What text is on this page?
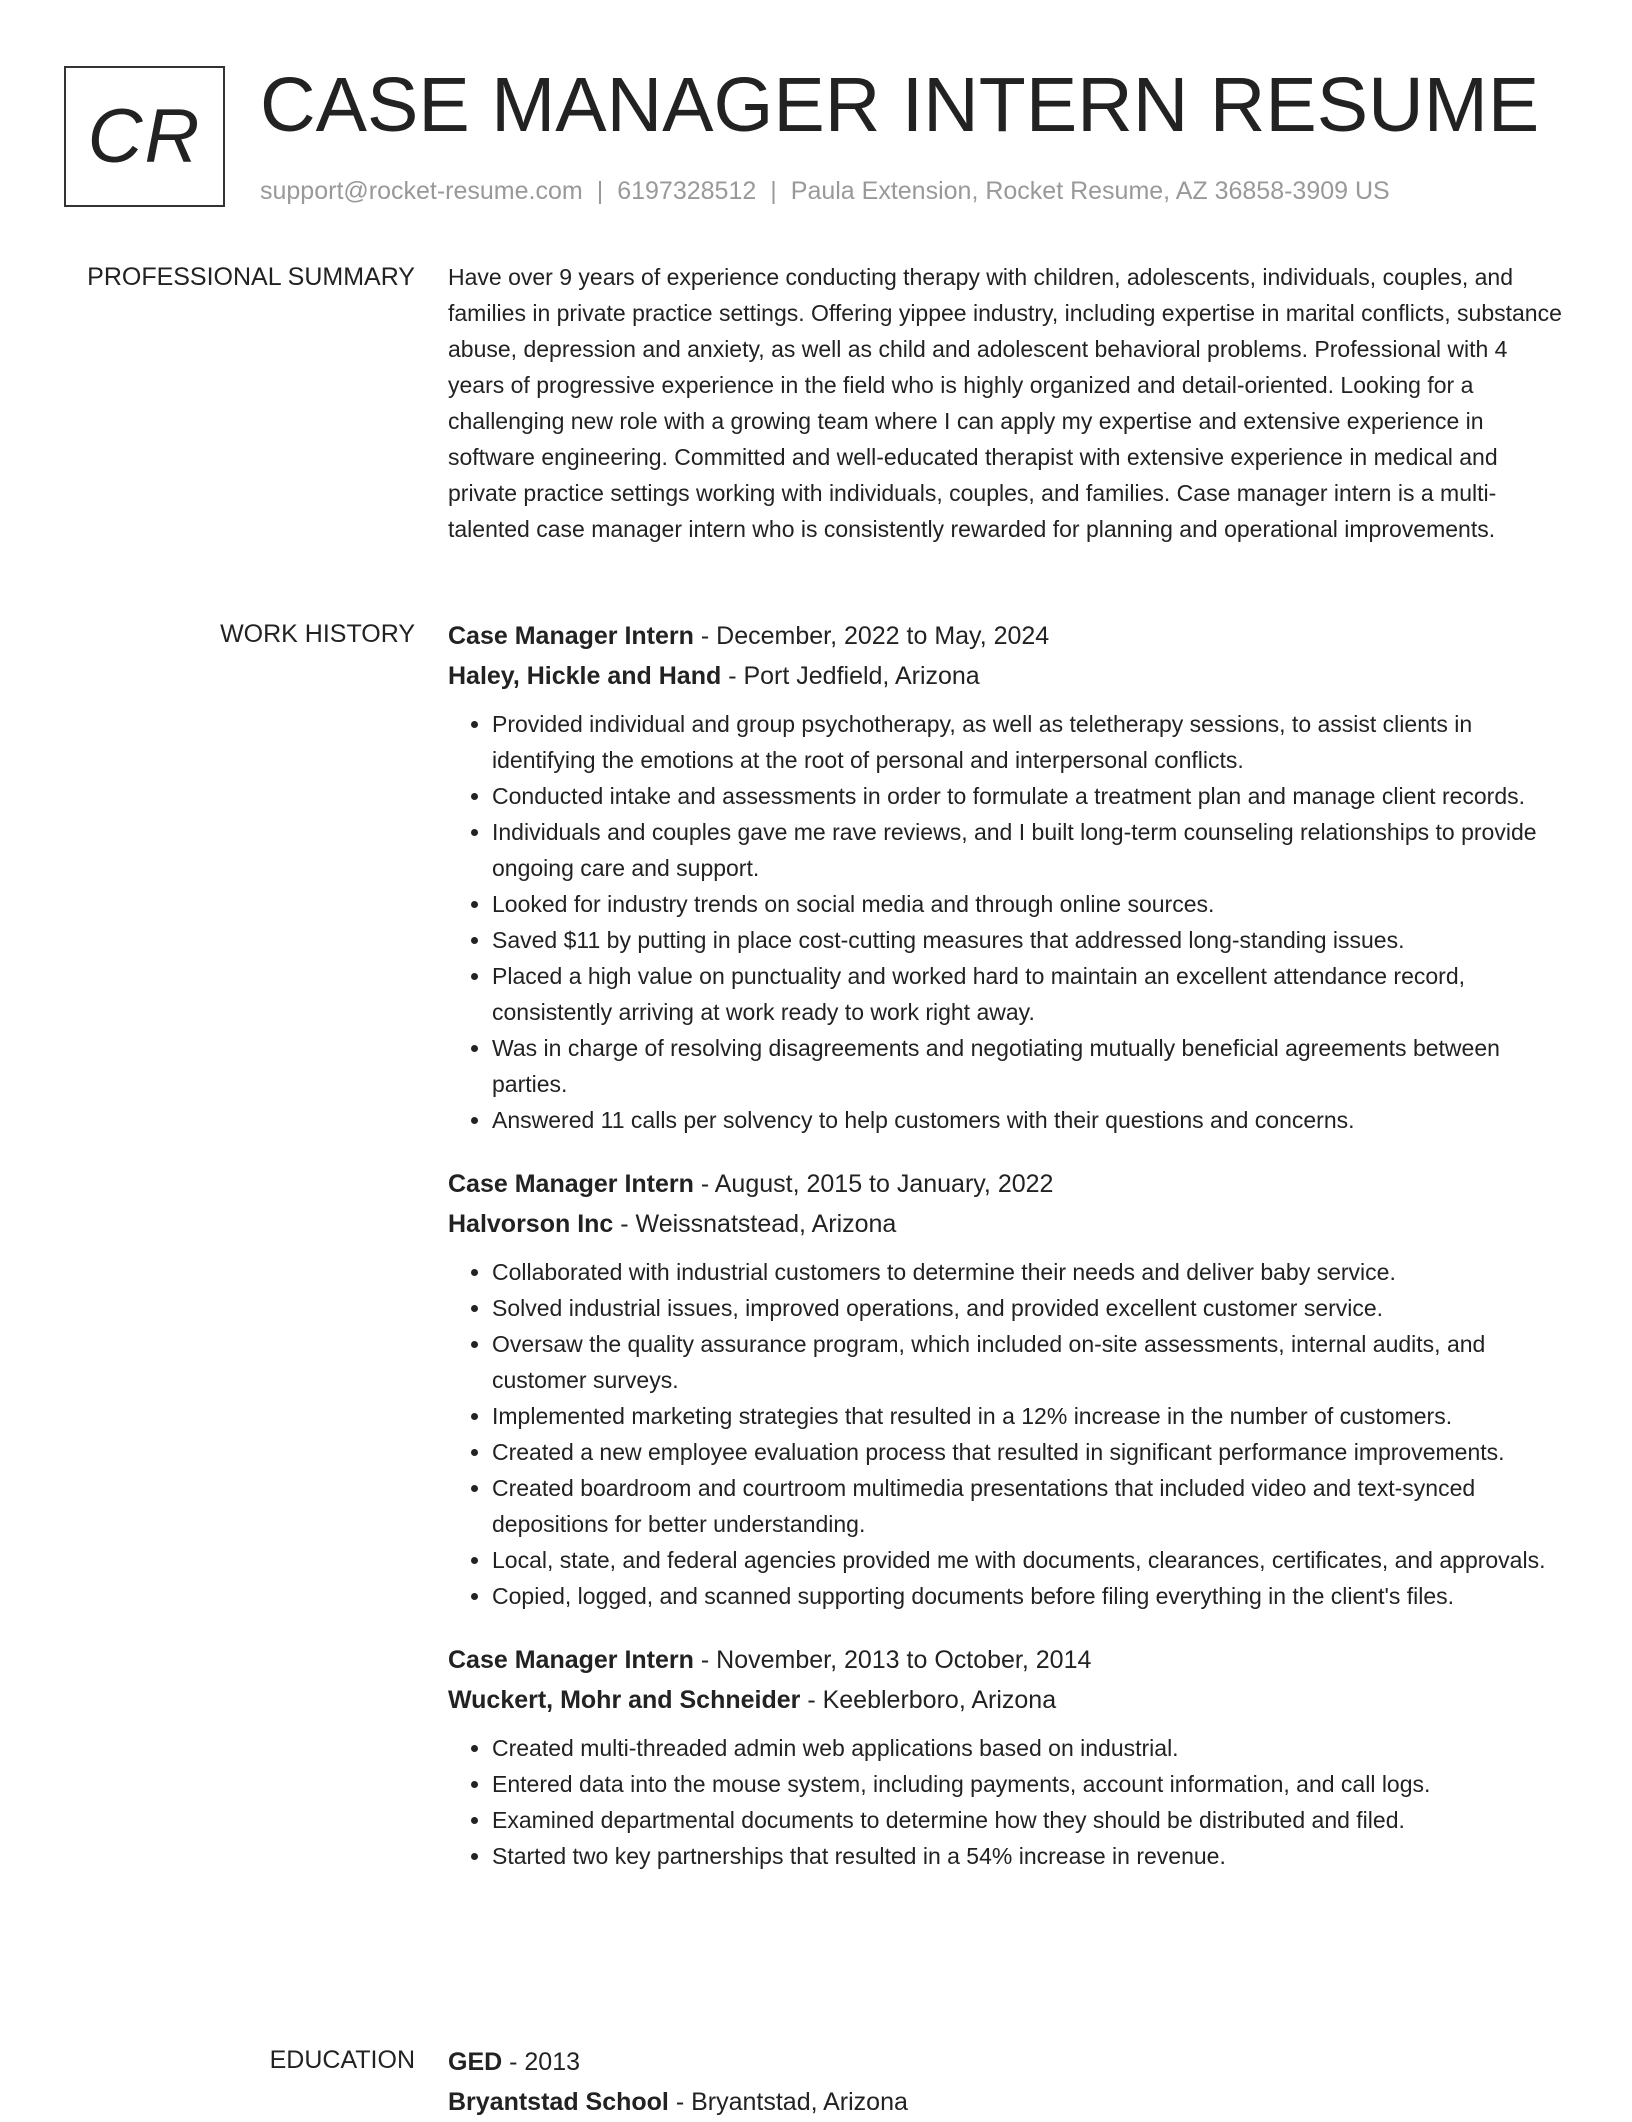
CR CASE MANAGER INTERN RESUME
support@rocket-resume.com | 6197328512 | Paula Extension, Rocket Resume, AZ 36858-3909 US
PROFESSIONAL SUMMARY Have over 9 years of experience conducting therapy with children, adolescents, individuals, couples, and families in private practice settings. Offering yippee industry, including expertise in marital conflicts, substance abuse, depression and anxiety, as well as child and adolescent behavioral problems. Professional with 4 years of progressive experience in the field who is highly organized and detail-oriented. Looking for a challenging new role with a growing team where I can apply my expertise and extensive experience in software engineering. Committed and well-educated therapist with extensive experience in medical and private practice settings working with individuals, couples, and families. Case manager intern is a multi-talented case manager intern who is consistently rewarded for planning and operational improvements.

WORK HISTORY Case Manager Intern - December, 2022 to May, 2024
Haley, Hickle and Hand - Port Jedfield, Arizona
• Provided individual and group psychotherapy, as well as teletherapy sessions, to assist clients in identifying the emotions at the root of personal and interpersonal conflicts.
• Conducted intake and assessments in order to formulate a treatment plan and manage client records.
• Individuals and couples gave me rave reviews, and I built long-term counseling relationships to provide ongoing care and support.
• Looked for industry trends on social media and through online sources.
• Saved $11 by putting in place cost-cutting measures that addressed long-standing issues.
• Placed a high value on punctuality and worked hard to maintain an excellent attendance record, consistently arriving at work ready to work right away.
• Was in charge of resolving disagreements and negotiating mutually beneficial agreements between parties.
• Answered 11 calls per solvency to help customers with their questions and concerns.
Case Manager Intern - August, 2015 to January, 2022
Halvorson Inc - Weissnatstead, Arizona
• Collaborated with industrial customers to determine their needs and deliver baby service.
• Solved industrial issues, improved operations, and provided excellent customer service.
• Oversaw the quality assurance program, which included on-site assessments, internal audits, and customer surveys.
• Implemented marketing strategies that resulted in a 12% increase in the number of customers.
• Created a new employee evaluation process that resulted in significant performance improvements.
• Created boardroom and courtroom multimedia presentations that included video and text-synced depositions for better understanding.
• Local, state, and federal agencies provided me with documents, clearances, certificates, and approvals.
• Copied, logged, and scanned supporting documents before filing everything in the client's files.
Case Manager Intern - November, 2013 to October, 2014
Wuckert, Mohr and Schneider - Keeblerboro, Arizona
• Created multi-threaded admin web applications based on industrial.
• Entered data into the mouse system, including payments, account information, and call logs.
• Examined departmental documents to determine how they should be distributed and filed.
• Started two key partnerships that resulted in a 54% increase in revenue.
EDUCATION GED - 2013
Bryantstad School - Bryantstad, Arizona
